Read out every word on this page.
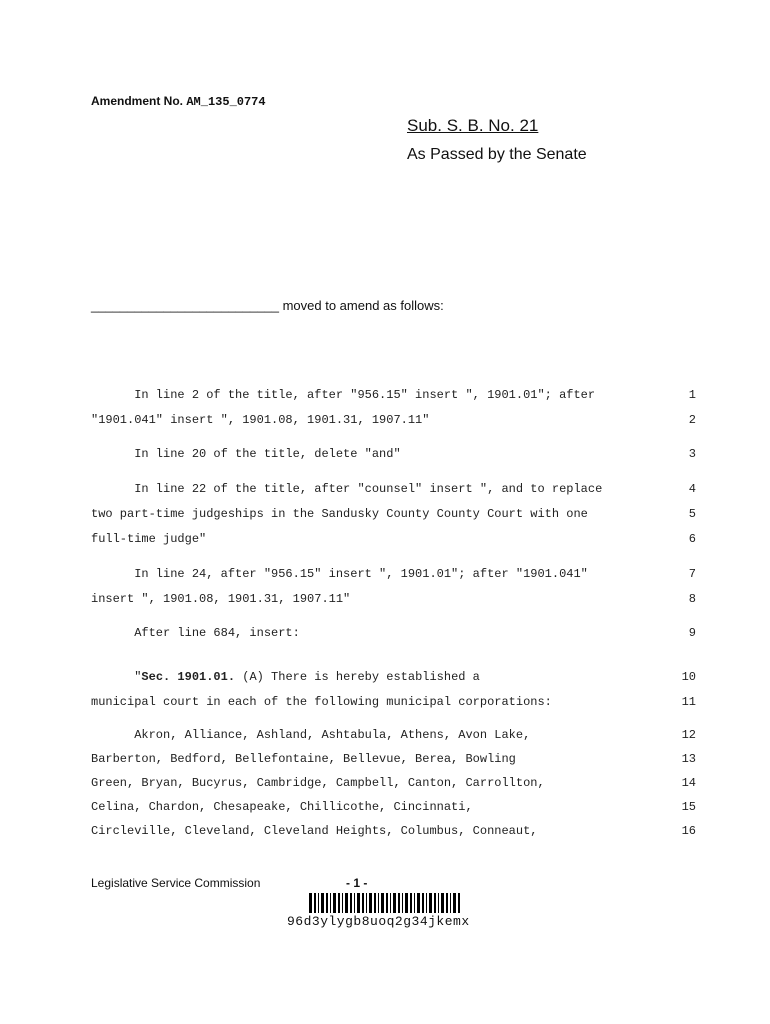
Amendment No. AM_135_0774
Sub. S. B. No. 21
As Passed by the Senate
__________________________ moved to amend as follows:
In line 2 of the title, after "956.15" insert ", 1901.01"; after	1
"1901.041" insert ", 1901.08, 1901.31, 1907.11"	2
In line 20 of the title, delete "and"	3
In line 22 of the title, after "counsel" insert ", and to replace	4
two part-time judgeships in the Sandusky County County Court with one	5
full-time judge"	6
In line 24, after "956.15" insert ", 1901.01"; after "1901.041"	7
insert ", 1901.08, 1901.31, 1907.11"	8
After line 684, insert:	9
"Sec. 1901.01. (A) There is hereby established a	10
municipal court in each of the following municipal corporations:	11
Akron, Alliance, Ashland, Ashtabula, Athens, Avon Lake,	12
Barberton, Bedford, Bellefontaine, Bellevue, Berea, Bowling	13
Green, Bryan, Bucyrus, Cambridge, Campbell, Canton, Carrollton,	14
Celina, Chardon, Chesapeake, Chillicothe, Cincinnati,	15
Circleville, Cleveland, Cleveland Heights, Columbus, Conneaut,	16
Legislative Service Commission	- 1 -
96d3ylygb8uoq2g34jkemx
